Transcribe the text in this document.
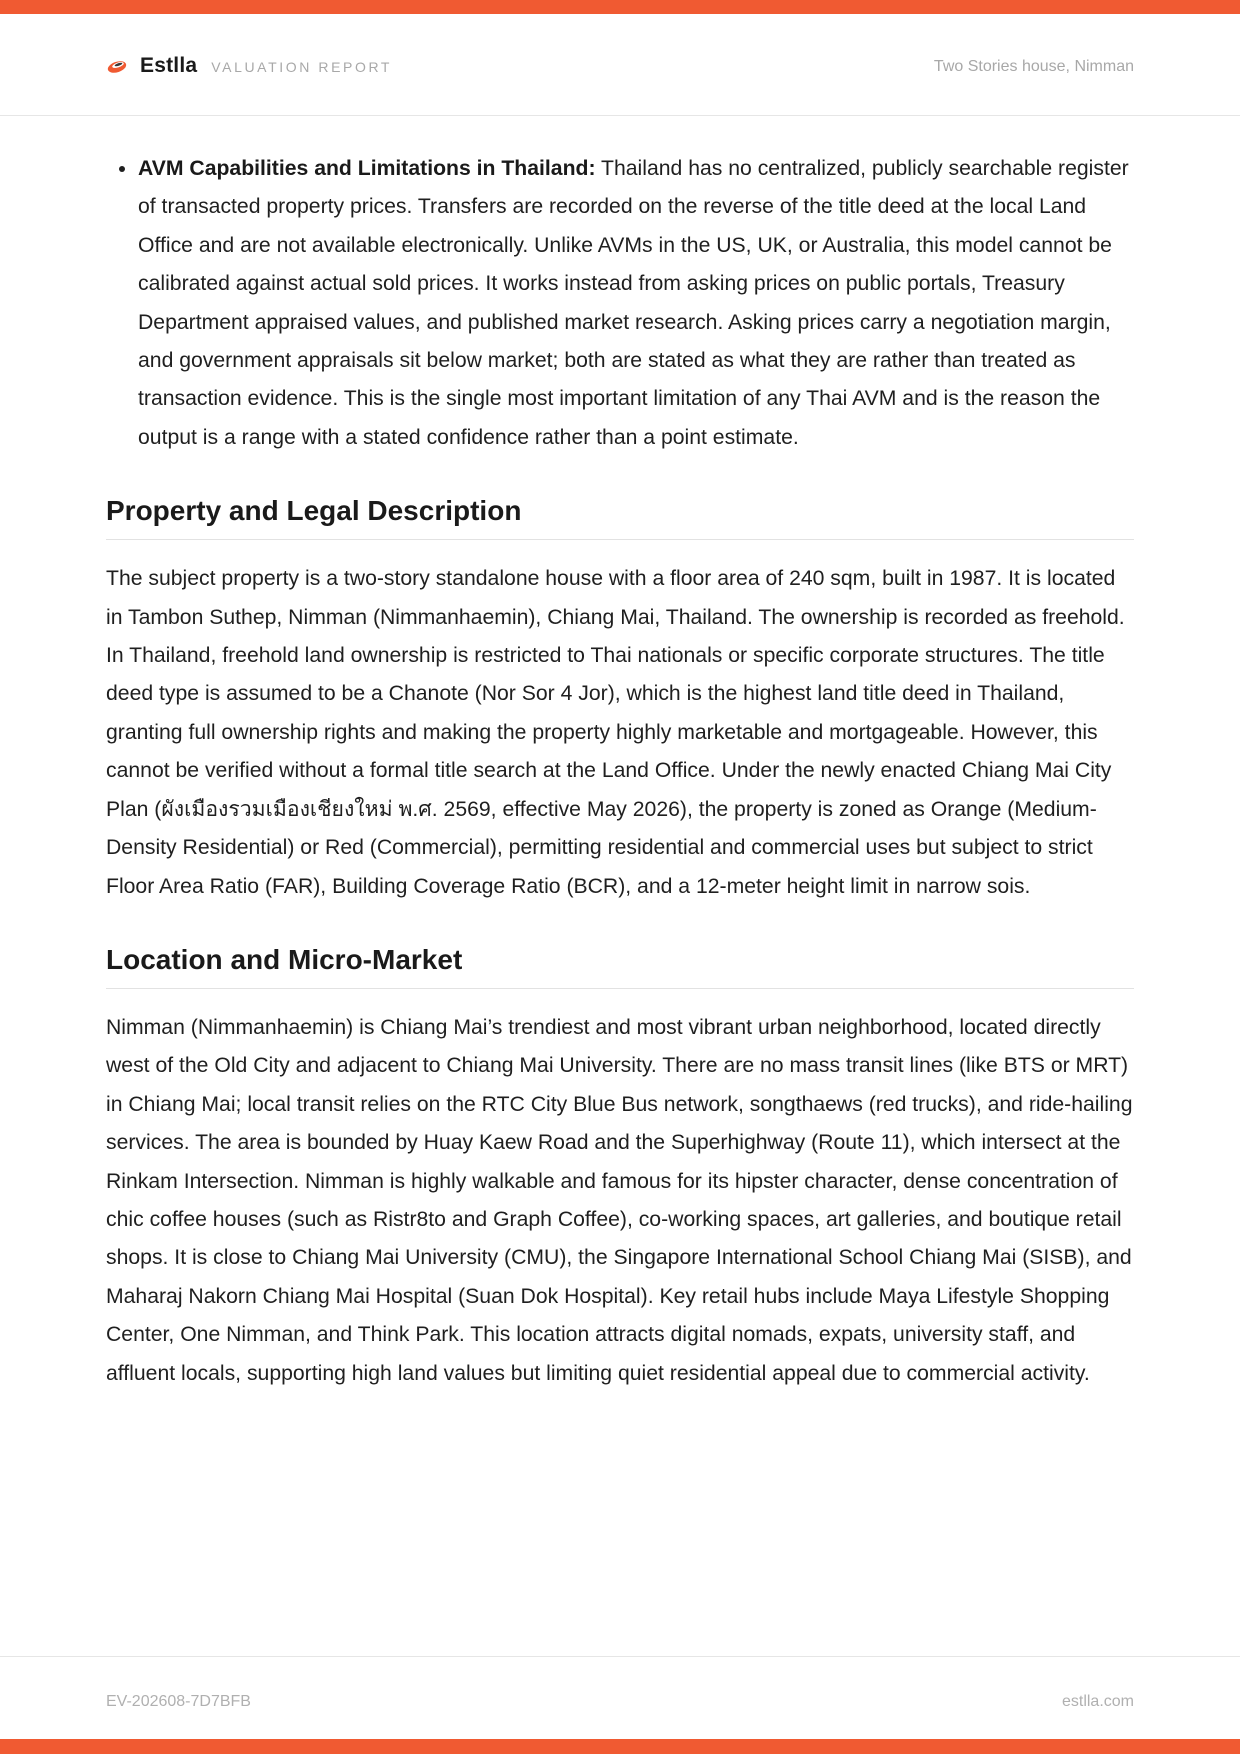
Estlla VALUATION REPORT	Two Stories house, Nimman
• AVM Capabilities and Limitations in Thailand: Thailand has no centralized, publicly searchable register of transacted property prices. Transfers are recorded on the reverse of the title deed at the local Land Office and are not available electronically. Unlike AVMs in the US, UK, or Australia, this model cannot be calibrated against actual sold prices. It works instead from asking prices on public portals, Treasury Department appraised values, and published market research. Asking prices carry a negotiation margin, and government appraisals sit below market; both are stated as what they are rather than treated as transaction evidence. This is the single most important limitation of any Thai AVM and is the reason the output is a range with a stated confidence rather than a point estimate.
Property and Legal Description

The subject property is a two-story standalone house with a floor area of 240 sqm, built in 1987. It is located in Tambon Suthep, Nimman (Nimmanhaemin), Chiang Mai, Thailand. The ownership is recorded as freehold. In Thailand, freehold land ownership is restricted to Thai nationals or specific corporate structures. The title deed type is assumed to be a Chanote (Nor Sor 4 Jor), which is the highest land title deed in Thailand, granting full ownership rights and making the property highly marketable and mortgageable. However, this cannot be verified without a formal title search at the Land Office. Under the newly enacted Chiang Mai City Plan (ผังเมืองรวมเมืองเชียงใหม่ พ.ศ. 2569, effective May 2026), the property is zoned as Orange (Medium-Density Residential) or Red (Commercial), permitting residential and commercial uses but subject to strict Floor Area Ratio (FAR), Building Coverage Ratio (BCR), and a 12-meter height limit in narrow sois.

Location and Micro-Market

Nimman (Nimmanhaemin) is Chiang Mai’s trendiest and most vibrant urban neighborhood, located directly west of the Old City and adjacent to Chiang Mai University. There are no mass transit lines (like BTS or MRT) in Chiang Mai; local transit relies on the RTC City Blue Bus network, songthaews (red trucks), and ride-hailing services. The area is bounded by Huay Kaew Road and the Superhighway (Route 11), which intersect at the Rinkam Intersection. Nimman is highly walkable and famous for its hipster character, dense concentration of chic coffee houses (such as Ristr8to and Graph Coffee), co-working spaces, art galleries, and boutique retail shops. It is close to Chiang Mai University (CMU), the Singapore International School Chiang Mai (SISB), and Maharaj Nakorn Chiang Mai Hospital (Suan Dok Hospital). Key retail hubs include Maya Lifestyle Shopping Center, One Nimman, and Think Park. This location attracts digital nomads, expats, university staff, and affluent locals, supporting high land values but limiting quiet residential appeal due to commercial activity.

EV-202608-7D7BFB	estlla.com
